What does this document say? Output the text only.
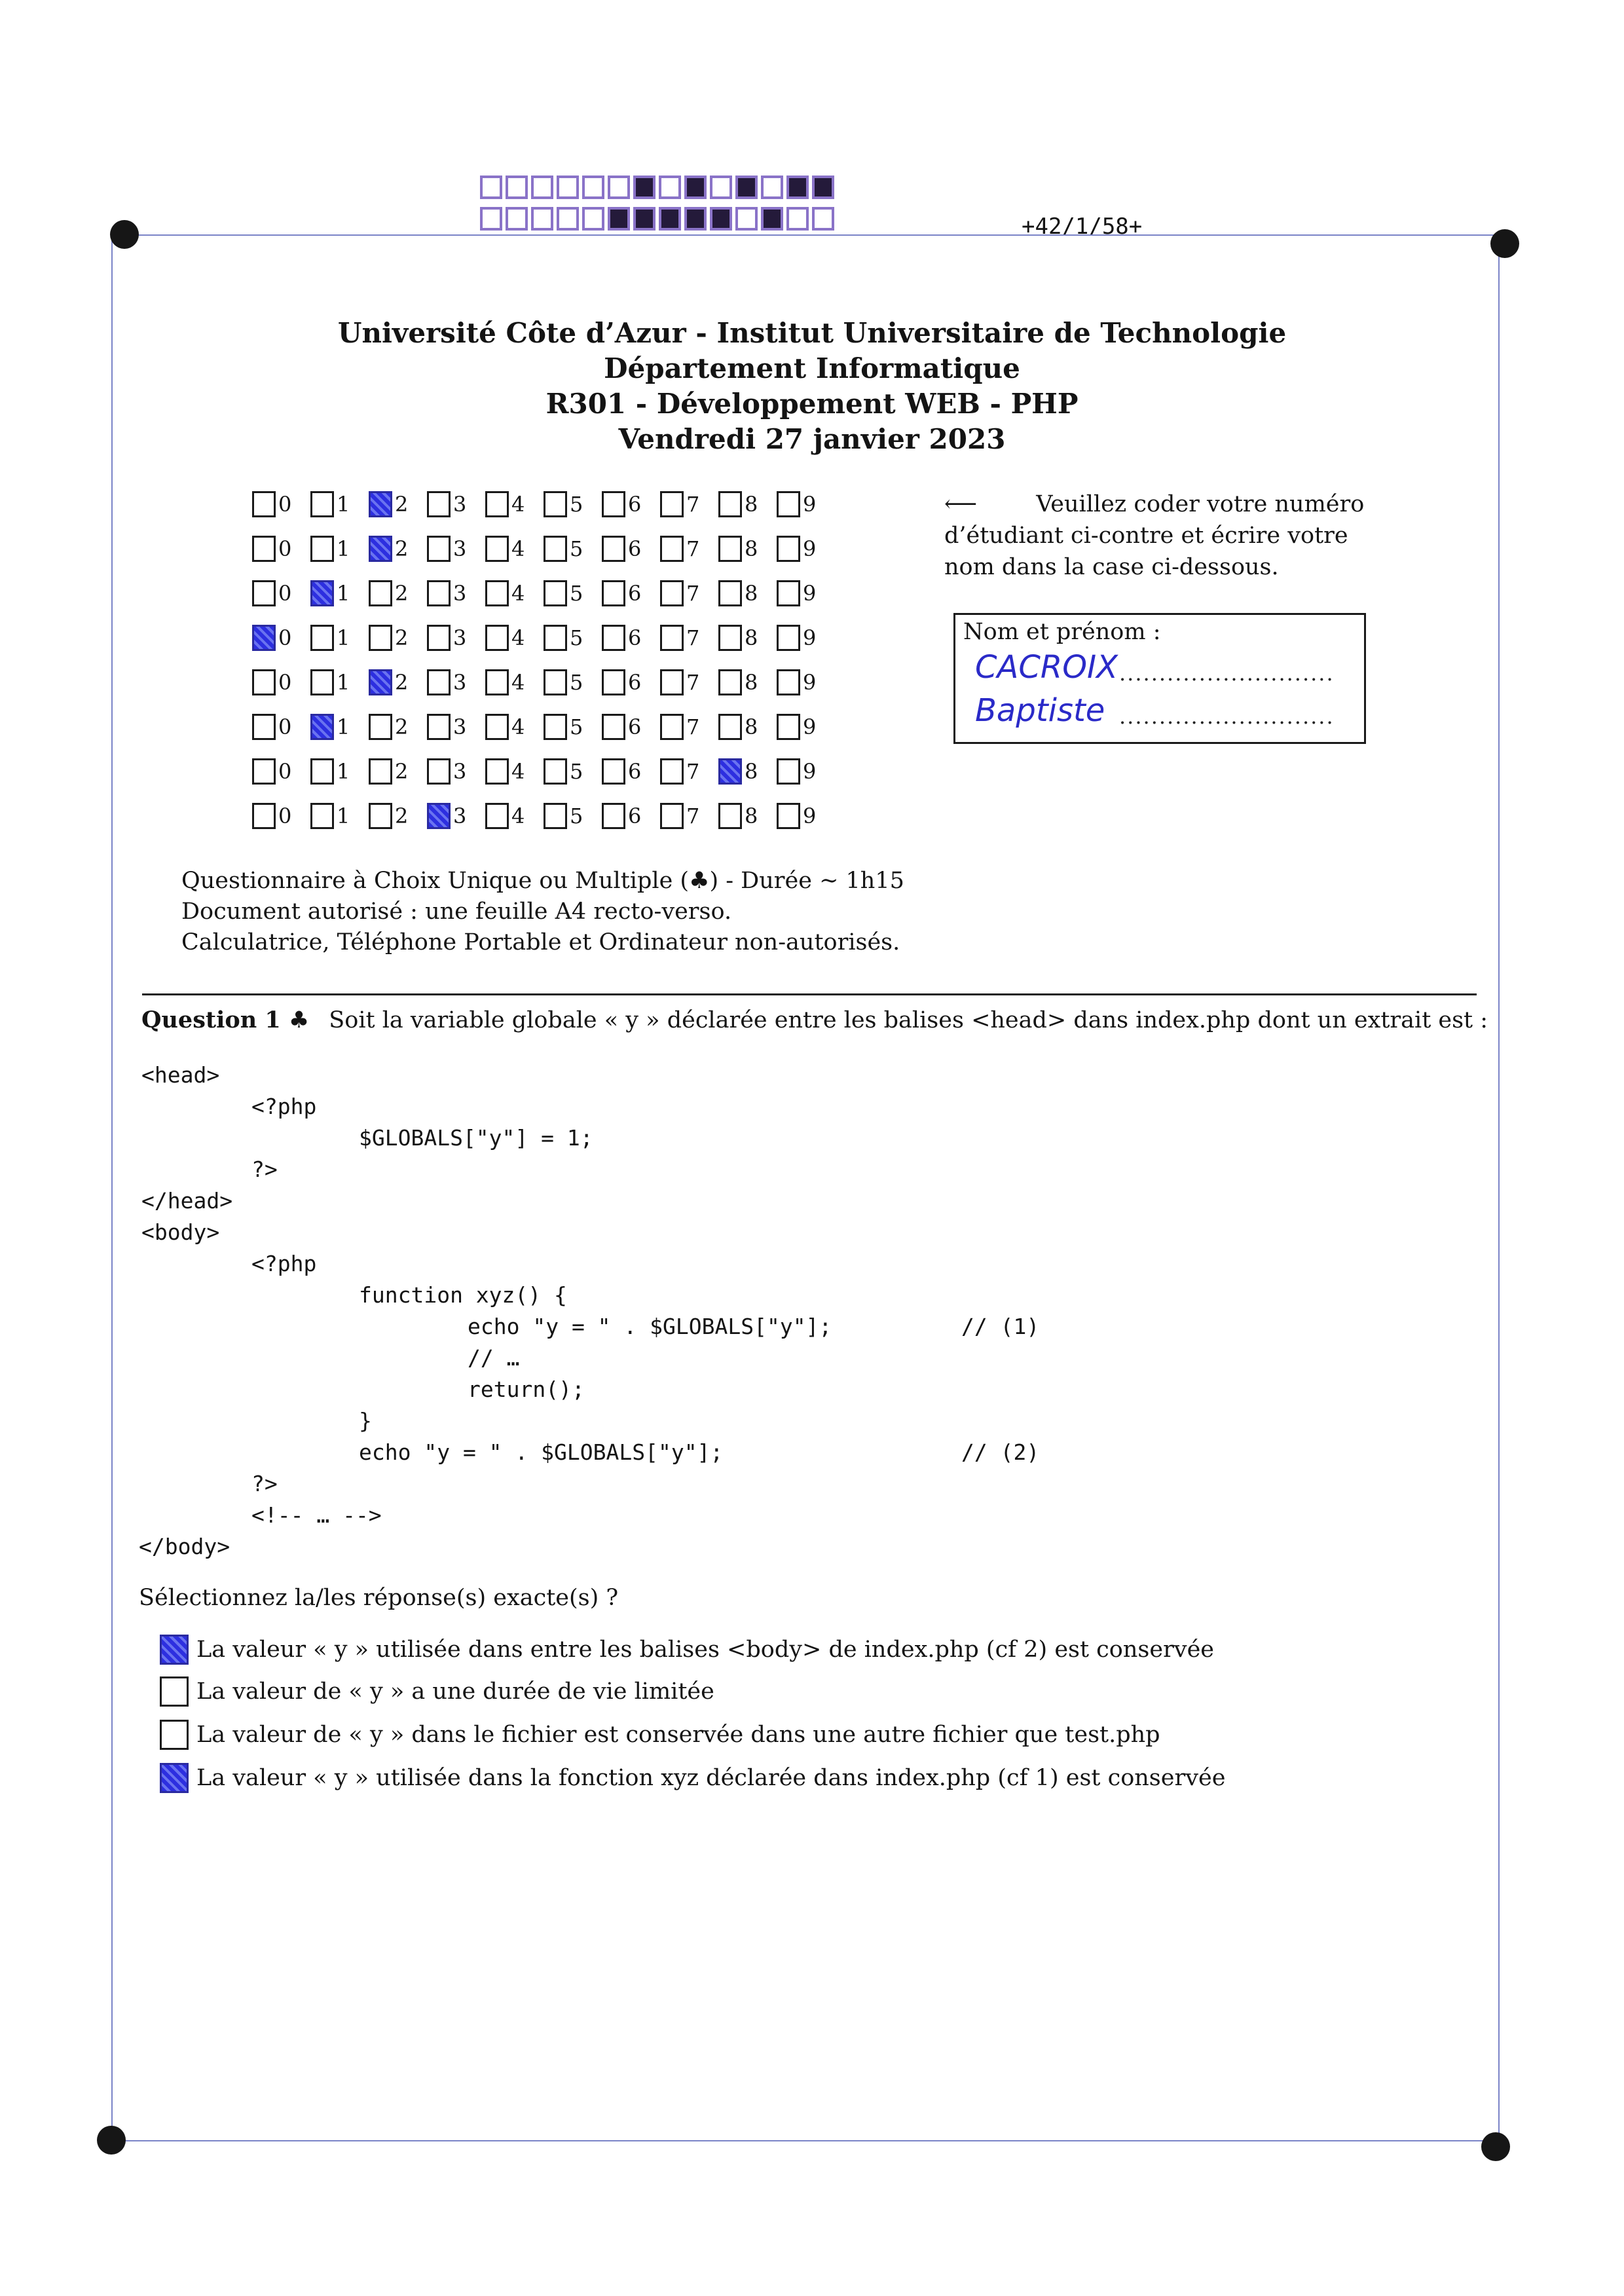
+42/1/58+
Université Côte d’Azur - Institut Universitaire de Technologie
Département Informatique
R301 - Développement WEB - PHP
Vendredi 27 janvier 2023
0 1 2 3 4 5 6 7 8 9
0 1 2 3 4 5 6 7 8 9
0 1 2 3 4 5 6 7 8 9
0 1 2 3 4 5 6 7 8 9
0 1 2 3 4 5 6 7 8 9
0 1 2 3 4 5 6 7 8 9
0 1 2 3 4 5 6 7 8 9
0 1 2 3 4 5 6 7 8 9
⟵	Veuillez coder votre numéro d’étudiant ci-contre et écrire votre nom dans la case ci-dessous.
Nom et prénom :
CACROIX ...........................
Baptiste ...........................
Questionnaire à Choix Unique ou Multiple (♣) - Durée ∼ 1h15
Document autorisé : une feuille A4 recto-verso.
Calculatrice, Téléphone Portable et Ordinateur non-autorisés.
Question 1 ♣ Soit la variable globale « y » déclarée entre les balises <head> dans index.php dont un extrait est :
<head>
<?php
$GLOBALS["y"] = 1;
?>
</head>
<body>
<?php
function xyz() {
echo "y = " . $GLOBALS["y"];	// (1)
// …
return();
}
echo "y = " . $GLOBALS["y"];	// (2)
?>
<!-- … -->
</body>
Sélectionnez la/les réponse(s) exacte(s) ?
La valeur « y » utilisée dans entre les balises <body> de index.php (cf 2) est conservée
La valeur de « y » a une durée de vie limitée
La valeur de « y » dans le fichier est conservée dans une autre fichier que test.php
La valeur « y » utilisée dans la fonction xyz déclarée dans index.php (cf 1) est conservée
